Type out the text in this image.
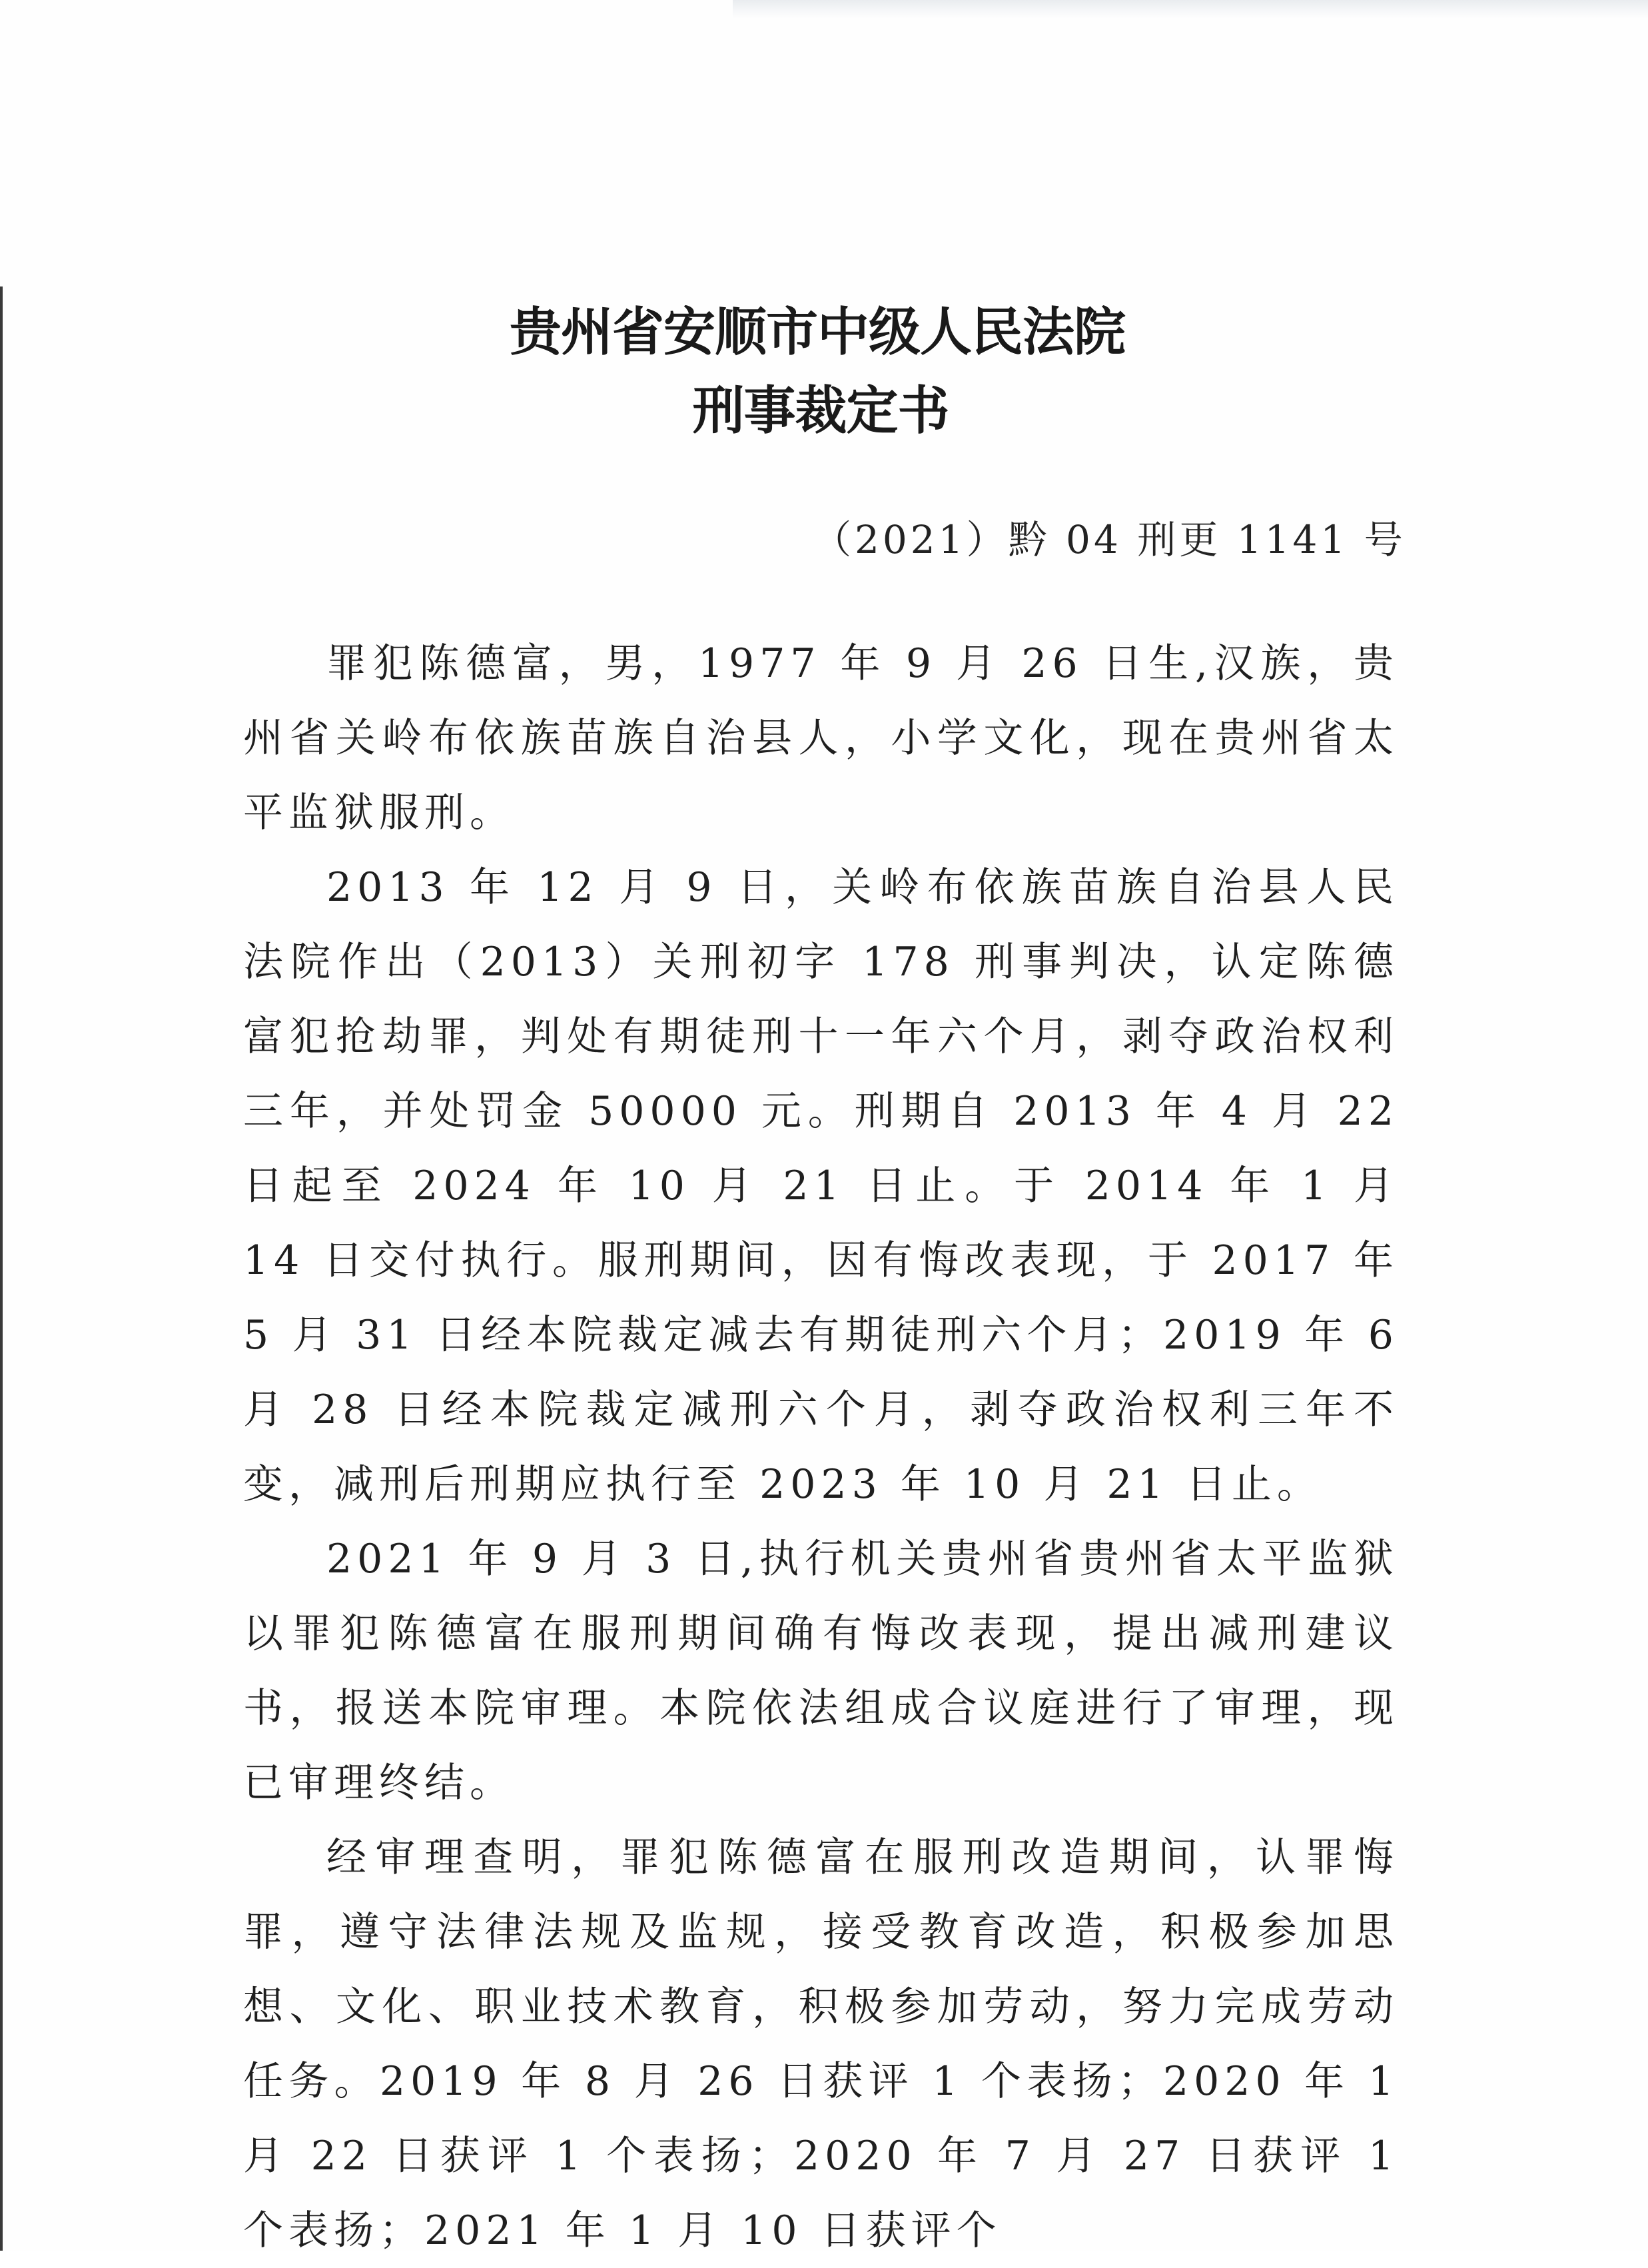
贵州省安顺市中级人民法院
刑事裁定书
（2021）黔 04 刑更 1141 号

罪犯陈德富，男，1977 年 9 月 26 日生,汉族，贵州省关岭布依族苗族自治县人，小学文化，现在贵州省太平监狱服刑。

2013 年 12 月 9 日，关岭布依族苗族自治县人民法院作出（2013）关刑初字 178 刑事判决，认定陈德富犯抢劫罪，判处有期徒刑十一年六个月，剥夺政治权利三年，并处罚金 50000 元。刑期自 2013 年 4 月 22 日起至 2024 年 10 月 21 日止。于 2014 年 1 月 14 日交付执行。服刑期间，因有悔改表现，于 2017 年 5 月 31 日经本院裁定减去有期徒刑六个月；2019 年 6 月 28 日经本院裁定减刑六个月，剥夺政治权利三年不变，减刑后刑期应执行至 2023 年 10 月 21 日止。

2021 年 9 月 3 日,执行机关贵州省贵州省太平监狱以罪犯陈德富在服刑期间确有悔改表现，提出减刑建议书，报送本院审理。本院依法组成合议庭进行了审理，现已审理终结。

经审理查明，罪犯陈德富在服刑改造期间，认罪悔罪，遵守法律法规及监规，接受教育改造，积极参加思想、文化、职业技术教育，积极参加劳动，努力完成劳动任务。2019 年 8 月 26 日获评 1 个表扬；2020 年 1 月 22 日获评 1 个表扬；2020 年 7 月 27 日获评 1 个表扬；2021 年 1 月 10 日获评个
